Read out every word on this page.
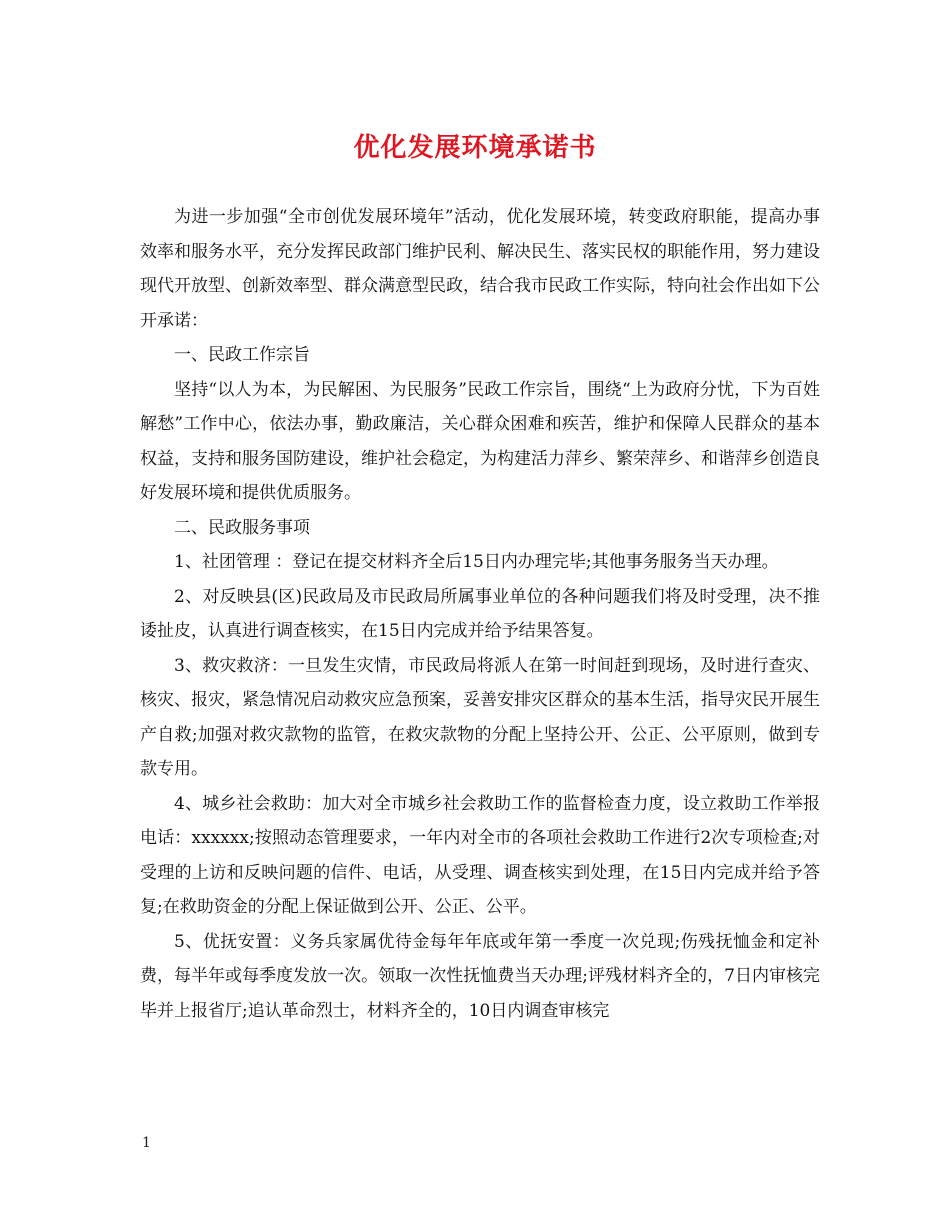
优化发展环境承诺书

为进一步加强“全市创优发展环境年”活动，优化发展环境，转变政府职能，提高办事效率和服务水平，充分发挥民政部门维护民利、解决民生、落实民权的职能作用，努力建设现代开放型、创新效率型、群众满意型民政，结合我市民政工作实际，特向社会作出如下公开承诺：

一、民政工作宗旨

坚持“以人为本，为民解困、为民服务”民政工作宗旨，围绕“上为政府分忧，下为百姓解愁”工作中心，依法办事，勤政廉洁，关心群众困难和疾苦，维护和保障人民群众的基本权益，支持和服务国防建设，维护社会稳定，为构建活力萍乡、繁荣萍乡、和谐萍乡创造良好发展环境和提供优质服务。

二、民政服务事项

1、社团管理 ：登记在提交材料齐全后15日内办理完毕;其他事务服务当天办理。

2、对反映县(区)民政局及市民政局所属事业单位的各种问题我们将及时受理，决不推诿扯皮，认真进行调查核实，在15日内完成并给予结果答复。

3、救灾救济：一旦发生灾情，市民政局将派人在第一时间赶到现场，及时进行查灾、核灾、报灾，紧急情况启动救灾应急预案，妥善安排灾区群众的基本生活，指导灾民开展生产自救;加强对救灾款物的监管，在救灾款物的分配上坚持公开、公正、公平原则，做到专款专用。

4、城乡社会救助：加大对全市城乡社会救助工作的监督检查力度，设立救助工作举报电话：xxxxxx;按照动态管理要求，一年内对全市的各项社会救助工作进行2次专项检查;对受理的上访和反映问题的信件、电话，从受理、调查核实到处理，在15日内完成并给予答复;在救助资金的分配上保证做到公开、公正、公平。

5、优抚安置：义务兵家属优待金每年年底或年第一季度一次兑现;伤残抚恤金和定补费，每半年或每季度发放一次。领取一次性抚恤费当天办理;评残材料齐全的，7日内审核完毕并上报省厅;追认革命烈士，材料齐全的，10日内调查审核完

1
